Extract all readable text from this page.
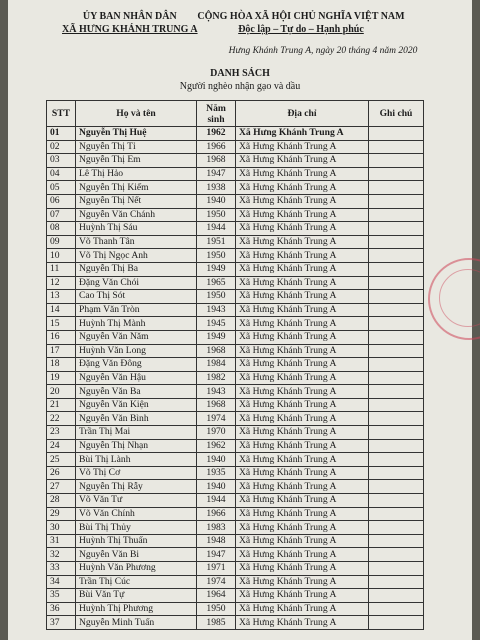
ỦY BAN NHÂN DÂN
XÃ HƯNG KHÁNH TRUNG A
CỘNG HÒA XÃ HỘI CHỦ NGHĨA VIỆT NAM
Độc lập – Tự do – Hạnh phúc
Hưng Khánh Trung A, ngày 20 tháng 4 năm 2020
DANH SÁCH
Người nghèo nhận gạo và dầu
STT	Họ và tên	Năm sinh	Địa chỉ	Ghi chú
01	Nguyễn Thị Huệ	1962	Xã Hưng Khánh Trung A	
02	Nguyễn Thị Tỉ	1966	Xã Hưng Khánh Trung A	
03	Nguyễn Thị Em	1968	Xã Hưng Khánh Trung A	
04	Lê Thị Hảo	1947	Xã Hưng Khánh Trung A	
05	Nguyễn Thị Kiếm	1938	Xã Hưng Khánh Trung A	
06	Nguyễn Thị Nết	1940	Xã Hưng Khánh Trung A	
07	Nguyễn Văn Chánh	1950	Xã Hưng Khánh Trung A	
08	Huỳnh Thị Sáu	1944	Xã Hưng Khánh Trung A	
09	Võ Thanh Tân	1951	Xã Hưng Khánh Trung A	
10	Võ Thị Ngọc Anh	1950	Xã Hưng Khánh Trung A	
11	Nguyễn Thị Ba	1949	Xã Hưng Khánh Trung A	
12	Đặng Văn Chói	1965	Xã Hưng Khánh Trung A	
13	Cao Thị Sót	1950	Xã Hưng Khánh Trung A	
14	Phạm Văn Tròn	1943	Xã Hưng Khánh Trung A	
15	Huỳnh Thị Mành	1945	Xã Hưng Khánh Trung A	
16	Nguyễn Văn Năm	1949	Xã Hưng Khánh Trung A	
17	Huỳnh Văn Long	1968	Xã Hưng Khánh Trung A	
18	Đặng Văn Đông	1984	Xã Hưng Khánh Trung A	
19	Nguyễn Văn Hậu	1982	Xã Hưng Khánh Trung A	
20	Nguyễn Văn Ba	1943	Xã Hưng Khánh Trung A	
21	Nguyễn Văn Kiện	1968	Xã Hưng Khánh Trung A	
22	Nguyễn Văn Bình	1974	Xã Hưng Khánh Trung A	
23	Trần Thị Mai	1970	Xã Hưng Khánh Trung A	
24	Nguyễn Thị Nhạn	1962	Xã Hưng Khánh Trung A	
25	Bùi Thị Lành	1940	Xã Hưng Khánh Trung A	
26	Võ Thị Cơ	1935	Xã Hưng Khánh Trung A	
27	Nguyễn Thị Rẫy	1940	Xã Hưng Khánh Trung A	
28	Võ Văn Tư	1944	Xã Hưng Khánh Trung A	
29	Võ Văn Chính	1966	Xã Hưng Khánh Trung A	
30	Bùi Thị Thủy	1983	Xã Hưng Khánh Trung A	
31	Huỳnh Thị Thuấn	1948	Xã Hưng Khánh Trung A	
32	Nguyễn Văn Bi	1947	Xã Hưng Khánh Trung A	
33	Huỳnh Văn Phương	1971	Xã Hưng Khánh Trung A	
34	Trần Thị Cúc	1974	Xã Hưng Khánh Trung A	
35	Bùi Văn Tự	1964	Xã Hưng Khánh Trung A	
36	Huỳnh Thị Phương	1950	Xã Hưng Khánh Trung A	
37	Nguyễn Minh Tuấn	1985	Xã Hưng Khánh Trung A	
